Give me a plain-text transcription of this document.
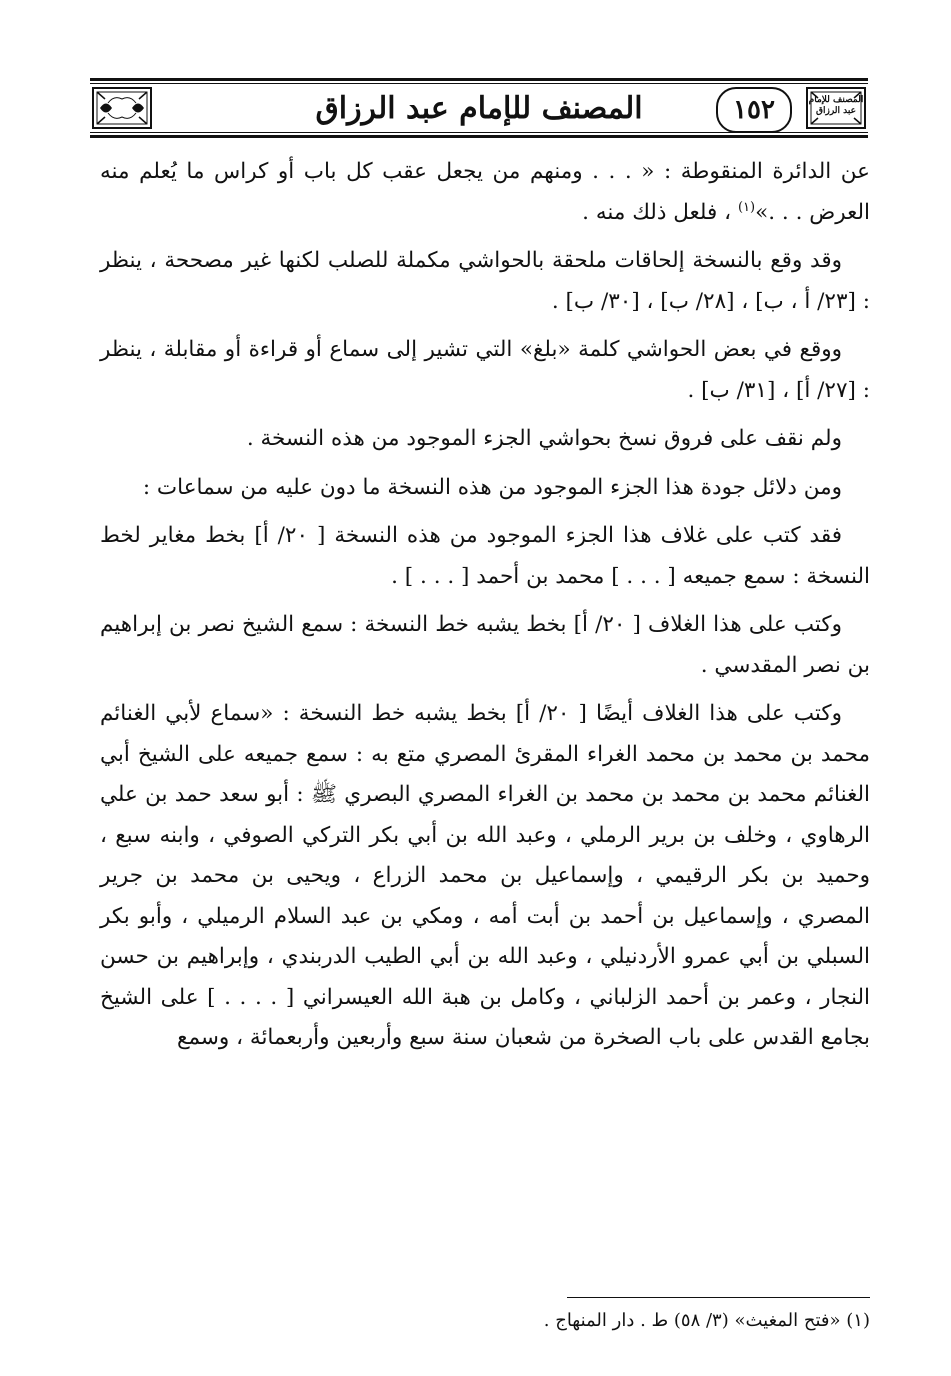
المصنف للإمام عبد الرزاق
١٥٢
المصنف للإمام عبد الرزاق

عن الدائرة المنقوطة : « . . . ومنهم من يجعل عقب كل باب أو كراس ما يُعلم منه العرض . . .»$^{(١)}$ ، فلعل ذلك منه .

وقد وقع بالنسخة إلحاقات ملحقة بالحواشي مكملة للصلب لكنها غير مصححة ، ينظر : [٢٣/ أ ، ب] ، [٢٨/ ب] ، [٣٠/ ب] .

ووقع في بعض الحواشي كلمة «بلغ» التي تشير إلى سماع أو قراءة أو مقابلة ، ينظر : [٢٧/ أ] ، [٣١/ ب] .

ولم نقف على فروق نسخ بحواشي الجزء الموجود من هذه النسخة .

ومن دلائل جودة هذا الجزء الموجود من هذه النسخة ما دون عليه من سماعات :

فقد كتب على غلاف هذا الجزء الموجود من هذه النسخة [ ٢٠/ أ] بخط مغاير لخط النسخة : سمع جميعه [ . . . ] محمد بن أحمد [ . . . ] .

وكتب على هذا الغلاف [ ٢٠/ أ] بخط يشبه خط النسخة : سمع الشيخ نصر بن إبراهيم بن نصر المقدسي .

وكتب على هذا الغلاف أيضًا [ ٢٠/ أ] بخط يشبه خط النسخة : «سماع لأبي الغنائم محمد بن محمد بن محمد الغراء المقرئ المصري متع به : سمع جميعه على الشيخ أبي الغنائم محمد بن محمد بن محمد بن الغراء المصري البصري ﷺ : أبو سعد حمد بن علي الرهاوي ، وخلف بن برير الرملي ، وعبد الله بن أبي بكر التركي الصوفي ، وابنه سبع ، وحميد بن بكر الرقيمي ، وإسماعيل بن محمد الزراع ، ويحيى بن محمد بن جرير المصري ، وإسماعيل بن أحمد بن أبت أمه ، ومكي بن عبد السلام الرميلي ، وأبو بكر السبلي بن أبي عمرو الأردنيلي ، وعبد الله بن أبي الطيب الدربندي ، وإبراهيم بن حسن النجار ، وعمر بن أحمد الزلباني ، وكامل بن هبة الله العيسراني [ . . . . ] على الشيخ بجامع القدس على باب الصخرة من شعبان سنة سبع وأربعين وأربعمائة ، وسمع

(١) «فتح المغيث» (٣/ ٥٨) ط . دار المنهاج .
